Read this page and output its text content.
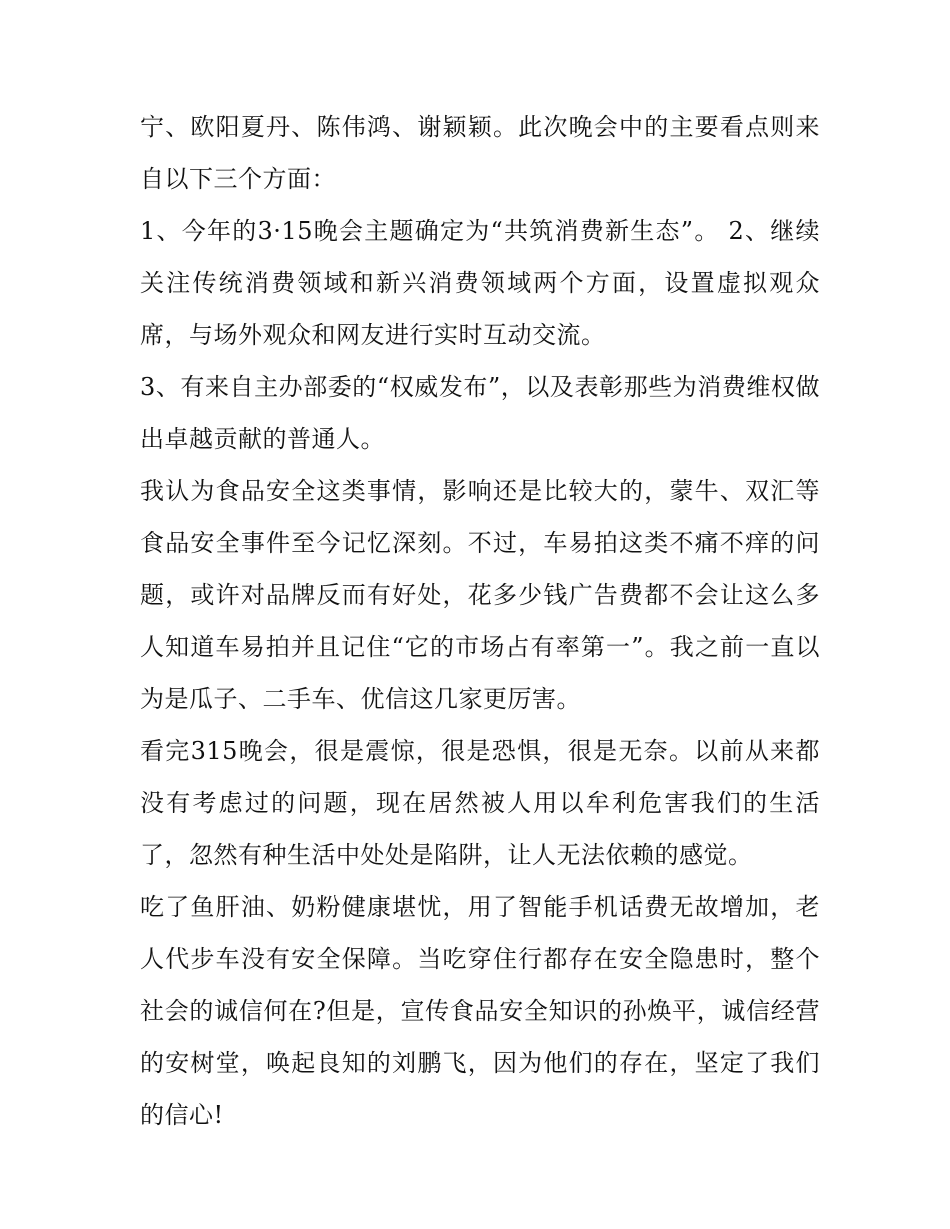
宁、欧阳夏丹、陈伟鸿、谢颖颖。此次晚会中的主要看点则来自以下三个方面：

1、今年的3·15晚会主题确定为“共筑消费新生态”。 2、继续关注传统消费领域和新兴消费领域两个方面，设置虚拟观众席，与场外观众和网友进行实时互动交流。

3、有来自主办部委的“权威发布”，以及表彰那些为消费维权做出卓越贡献的普通人。

我认为食品安全这类事情，影响还是比较大的，蒙牛、双汇等食品安全事件至今记忆深刻。不过，车易拍这类不痛不痒的问题，或许对品牌反而有好处，花多少钱广告费都不会让这么多人知道车易拍并且记住“它的市场占有率第一”。我之前一直以为是瓜子、二手车、优信这几家更厉害。

看完315晚会，很是震惊，很是恐惧，很是无奈。以前从来都没有考虑过的问题，现在居然被人用以牟利危害我们的生活了，忽然有种生活中处处是陷阱，让人无法依赖的感觉。

吃了鱼肝油、奶粉健康堪忧，用了智能手机话费无故增加，老人代步车没有安全保障。当吃穿住行都存在安全隐患时，整个社会的诚信何在?但是，宣传食品安全知识的孙焕平，诚信经营的安树堂，唤起良知的刘鹏飞，因为他们的存在，坚定了我们的信心!
